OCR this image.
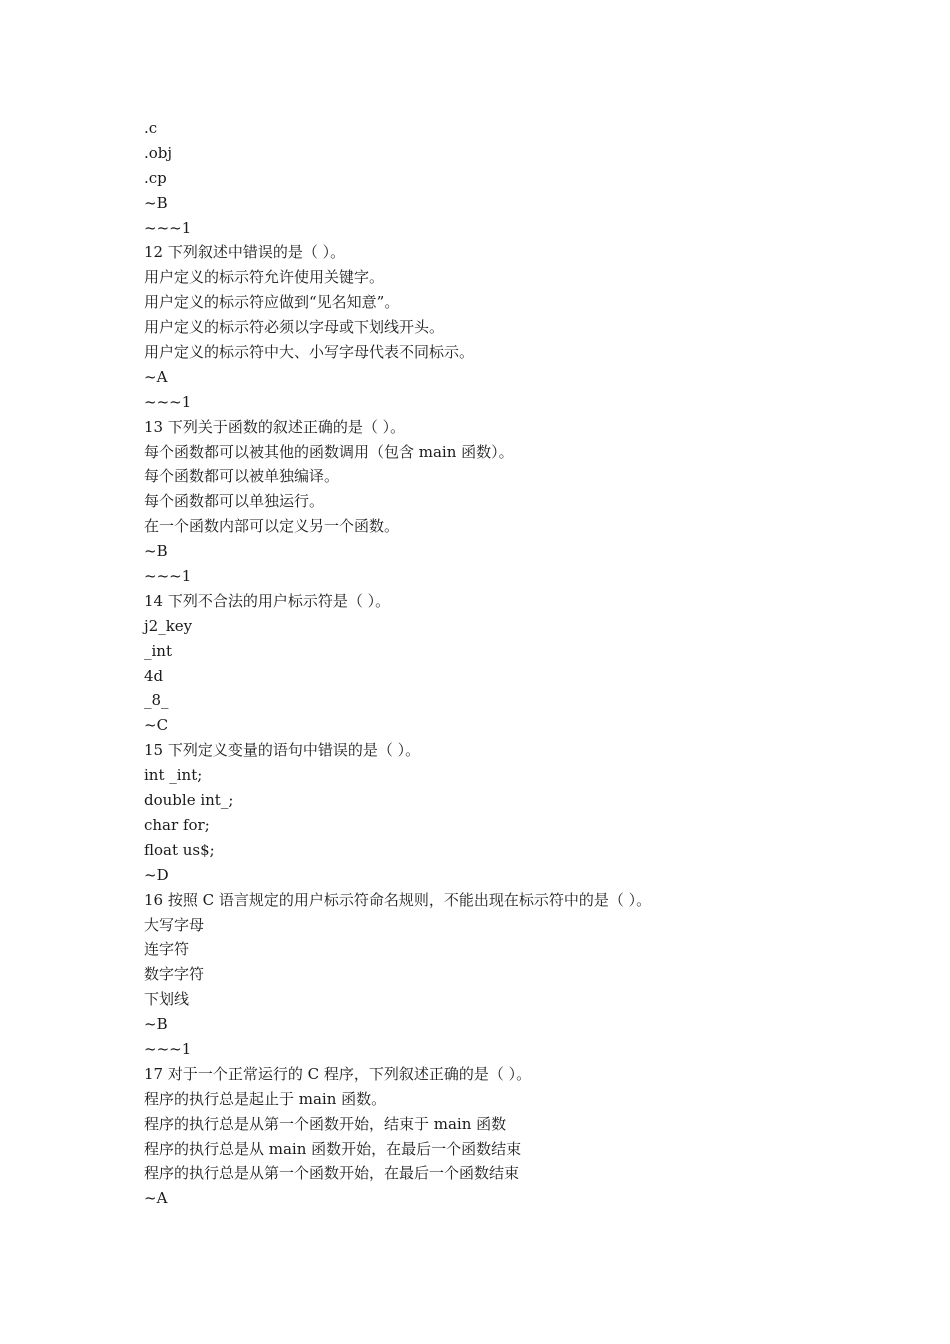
.c
.obj
.cp
~B
~~~1
12 下列叙述中错误的是（ ）。
用户定义的标示符允许使用关键字。
用户定义的标示符应做到“见名知意”。
用户定义的标示符必须以字母或下划线开头。
用户定义的标示符中大、小写字母代表不同标示。
~A
~~~1
13 下列关于函数的叙述正确的是（ ）。
每个函数都可以被其他的函数调用（包含 main 函数）。
每个函数都可以被单独编译。
每个函数都可以单独运行。
在一个函数内部可以定义另一个函数。
~B
~~~1
14 下列不合法的用户标示符是（ ）。
j2_key
_int
4d
_8_
~C
15 下列定义变量的语句中错误的是（ ）。
int _int;
double int_;
char for;
float us$;
~D
16 按照 C 语言规定的用户标示符命名规则，不能出现在标示符中的是（ ）。
大写字母
连字符
数字字符
下划线
~B
~~~1
17 对于一个正常运行的 C 程序，下列叙述正确的是（ ）。
程序的执行总是起止于 main 函数。
程序的执行总是从第一个函数开始，结束于 main 函数
程序的执行总是从 main 函数开始，在最后一个函数结束
程序的执行总是从第一个函数开始，在最后一个函数结束
~A
